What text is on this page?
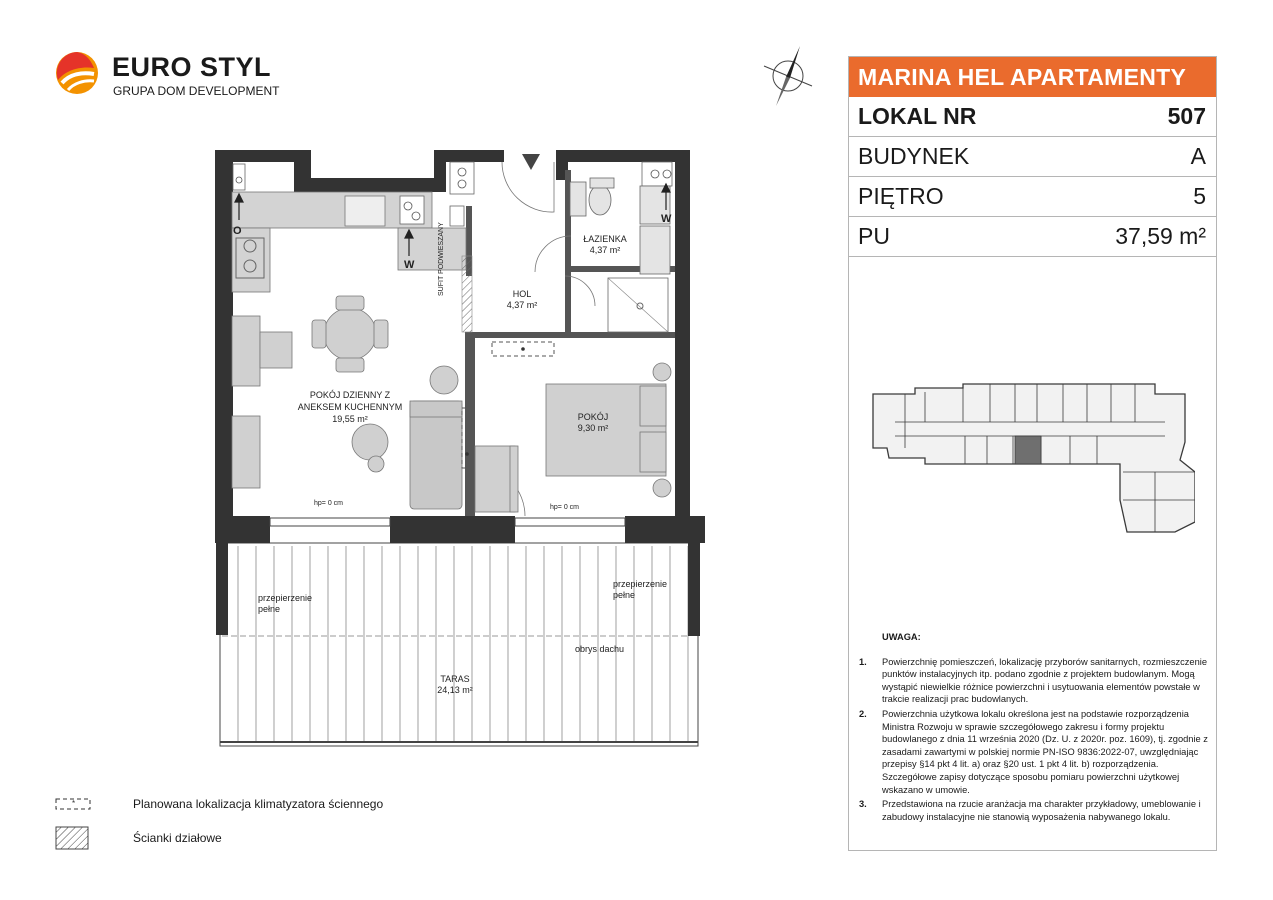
EURO STYL
GRUPA DOM DEVELOPMENT
MARINA HEL APARTAMENTY
LOKAL NR	507
BUDYNEK	A
PIĘTRO	5
PU	37,59 m²
UWAGA:
1.	Powierzchnię pomieszczeń, lokalizację przyborów sanitarnych, rozmieszczenie punktów instalacyjnych itp. podano zgodnie z projektem budowlanym. Mogą wystąpić niewielkie różnice powierzchni i usytuowania elementów powstałe w trakcie realizacji prac budowlanych.
2.	Powierzchnia użytkowa lokalu określona jest na podstawie rozporządzenia Ministra Rozwoju w sprawie szczegółowego zakresu i formy projektu budowlanego z dnia 11 września 2020 (Dz. U. z 2020r. poz. 1609), tj. zgodnie z zasadami zawartymi w polskiej normie PN-ISO 9836:2022-07, uwzględniając przepisy §14 pkt 4 lit. a) oraz §20 ust. 1 pkt 4 lit. b) rozporządzenia. Szczegółowe zapisy dotyczące sposobu pomiaru powierzchni użytkowej wskazano w umowie.
3.	Przedstawiona na rzucie aranżacja ma charakter przykładowy, umeblowanie i zabudowy instalacyjne nie stanowią wyposażenia nabywanego lokalu.
O
W
W
POKÓJ DZIENNY Z
ANEKSEM KUCHENNYM
19,55 m²
ŁAZIENKA
4,37 m²
HOL
4,37 m²
POKÓJ
9,30 m²
TARAS
24,13 m²
SUFIT PODWIESZANY
hp= 0 cm
hp= 0 cm
przepierzenie
pełne
przepierzenie
pełne
obrys dachu
*	Planowana lokalizacja klimatyzatora ściennego
Ścianki działowe
